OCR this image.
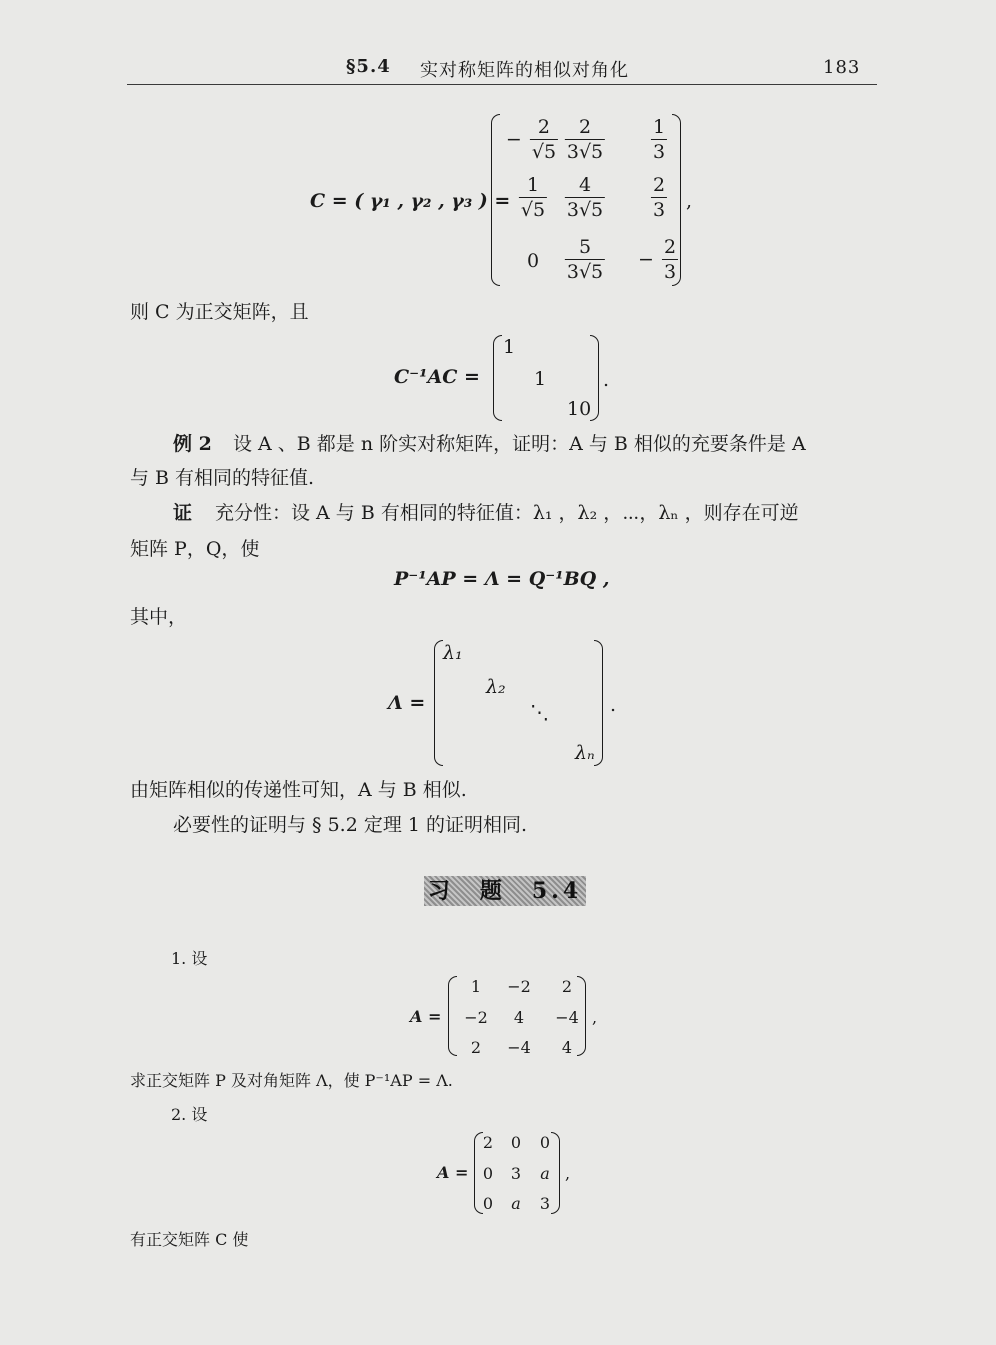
§5.4 实对称矩阵的相似对角化	183
C = ( γ₁ , γ₂ , γ₃ ) =	,
− $\frac{2}{√5} \frac{2}{3√5} \frac{1}{3}$
$\frac{1}{√5} \frac{4}{3√5} \frac{2}{3}$
$0 \frac{5}{3√5} - \frac{2}{3}$
则 C 为正交矩阵，且
C⁻¹AC =
1
1
10
.
例 2 设 A 、B 都是 n 阶实对称矩阵，证明：A 与 B 相似的充要条件是 A
与 B 有相同的特征值.
证 充分性：设 A 与 B 有相同的特征值：λ₁ ，λ₂ ，⋯，λₙ ，则存在可逆
矩阵 P，Q，使
P⁻¹AP = Λ = Q⁻¹BQ ,
其中，
Λ =
λ₁
λ₂
⋱
λₙ
.
由矩阵相似的传递性可知，A 与 B 相似.
必要性的证明与 § 5.2 定理 1 的证明相同.
习　题　5.4
1. 设
A =
1 −2 2
−2 4 −4
2 −4 4
,
求正交矩阵 P 及对角矩阵 Λ，使 P⁻¹AP = Λ.
2. 设
A =
2 0 0
0 3 a
0 a 3
,
有正交矩阵 C 使
